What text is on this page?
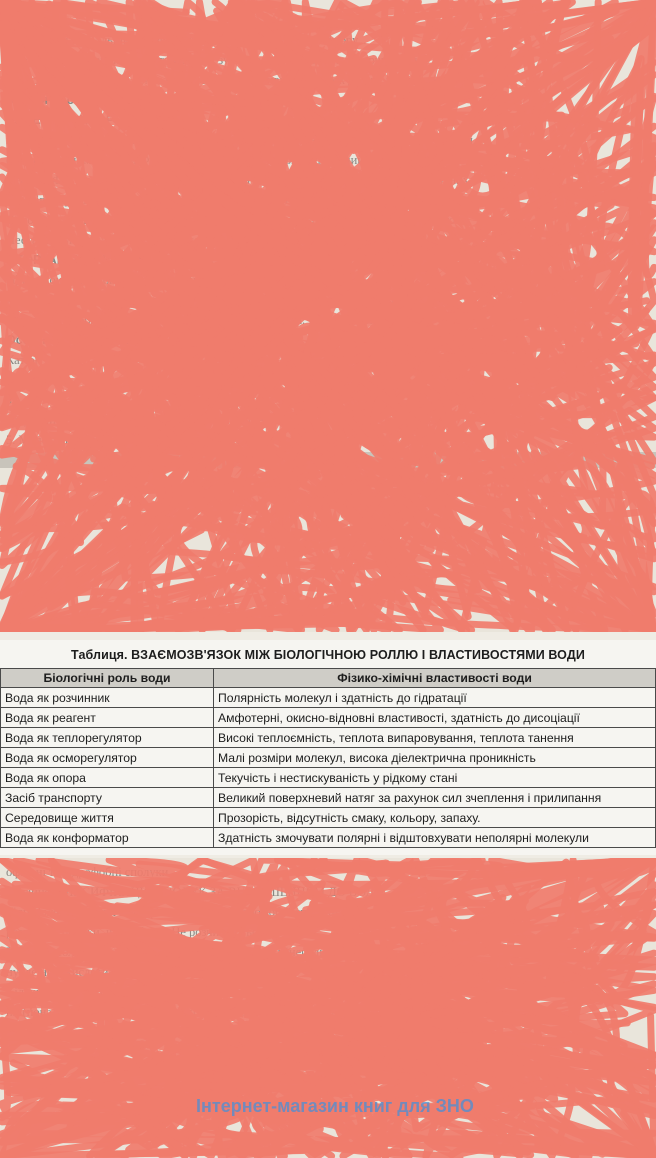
р, що багаті на Кальцій, родзинки винограду містять багато фтору...

обистої гігієни наприклад, фторовмісні зубні пасти), раціональне харчування

м рослинних продуктів, вживання біологічно активних добавок до їжі, препаратів

оняття про ендемічні хвороби

ЕНДЕМІЧНІ ХВОРОБИ

мікроелементів, наприклад, у місцевостях з недостатнім вмістом Йоду спостерігаються

о, з недостатнім вмістом Фтору — карієс, з надлишком ендемічний флюороз.

Нестача Феруму спричиняє анемію, а нестача Кальцію — захворювання кровотворних

органів, порушення нервово-психічного розвитку інтелекту в дітей.

Основні прояви дефіциту Кальцію — судоми м'язів, порушення процесу росту кісток

Нестача Калію впливає на роботу серцевої проблеми м'язової діяльності

НЕОРГАНІЧНІ РЕЧОВИНИ — це неорганічні сполуки, що знаходяться

і функціонально пов'язані з організмом.

Хімічні сполуки, що входять до неорганічних речовин, мають важливе значення

Серед усіх неорганічних сполук найважливішою є вода. ВОДА — неорганічна

Особливості будови молекули води

Катіон

2δ⁻

δ⁺

лекулами полярних речовин з утворенням водневих

5. Молекули води є полярними (дипольність).

Таблиця. ВЗАЄМОЗВ'ЯЗОК МІЖ БІОЛОГІЧНОЮ РОЛЛЮ І ВЛАСТИВОСТЯМИ ВОДИ
Біологічні роль води	Фізико-хімічні властивості води
Вода як розчинник	Полярність молекул і здатність до гідратації
Вода як реагент	Амфотерні, окисно-відновні властивості, здатність до дисоціації
Вода як теплорегулятор	Високі теплоємність, теплота випаровування, теплота танення
Вода як осморегулятор	Малі розміри молекул, висока діелектрична проникність
Вода як опора	Текучість і нестискуваність у рідкому стані
Засіб транспорту	Великий поверхневий натяг за рахунок сил зчеплення і прилипання
Середовище життя	Прозорість, відсутність смаку, кольору, запаху.
Вода як конформатор	Здатність змочувати полярні і відштовхувати неполярні молекули

офільні та гідрофобні сполуки

Таблиця. КЛАСИФІКАЦІЯ СПОЛУК ЗА ВІДНОШЕННЯМ ДО ВОДИ

Гідрофільні сполуки Амфіфільні сполуки Гідрофобні сполуки

розчинні сполуки, що добре ... Не розчиняються

Розчинні солі, кислоти ...фосфоліпіди Неорганічні мінерали

нуклеїнові кислоти (фосфати, силікати)

Кількість води в організмі у різних органах... з кістках, дентину (99,8 %)

ни (понад 90 %), найменше — у клітинах (40–50 %) ... ссавців ... в

Інтернет-магазин книг для ЗНО
